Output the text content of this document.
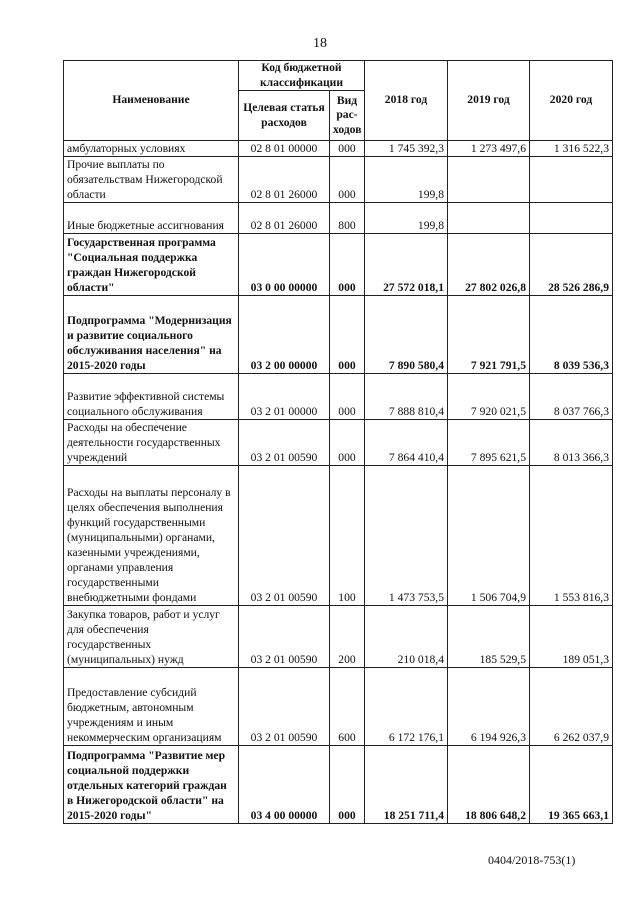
18
Наименование	Код бюджетной классификации		2018 год	2019 год	2020 год
	Целевая статья расходов	Вид рас-ходов			
амбулаторных условиях	02 8 01 00000	000	1 745 392,3	1 273 497,6	1 316 522,3
Прочие выплаты по обязательствам Нижегородской области	02 8 01 26000	000	199,8		
Иные бюджетные ассигнования	02 8 01 26000	800	199,8		
Государственная программа "Социальная поддержка граждан Нижегородской области"	03 0 00 00000	000	27 572 018,1	27 802 026,8	28 526 286,9
Подпрограмма "Модернизация и развитие социального обслуживания населения" на 2015-2020 годы	03 2 00 00000	000	7 890 580,4	7 921 791,5	8 039 536,3
Развитие эффективной системы социального обслуживания	03 2 01 00000	000	7 888 810,4	7 920 021,5	8 037 766,3
Расходы на обеспечение деятельности государственных учреждений	03 2 01 00590	000	7 864 410,4	7 895 621,5	8 013 366,3
Расходы на выплаты персоналу в целях обеспечения выполнения функций государственными (муниципальными) органами, казенными учреждениями, органами управления государственными внебюджетными фондами	03 2 01 00590	100	1 473 753,5	1 506 704,9	1 553 816,3
Закупка товаров, работ и услуг для обеспечения государственных (муниципальных) нужд	03 2 01 00590	200	210 018,4	185 529,5	189 051,3
Предоставление субсидий бюджетным, автономным учреждениям и иным некоммерческим организациям	03 2 01 00590	600	6 172 176,1	6 194 926,3	6 262 037,9
Подпрограмма "Развитие мер социальной поддержки отдельных категорий граждан в Нижегородской области" на 2015-2020 годы"	03 4 00 00000	000	18 251 711,4	18 806 648,2	19 365 663,1
0404/2018-753(1)
